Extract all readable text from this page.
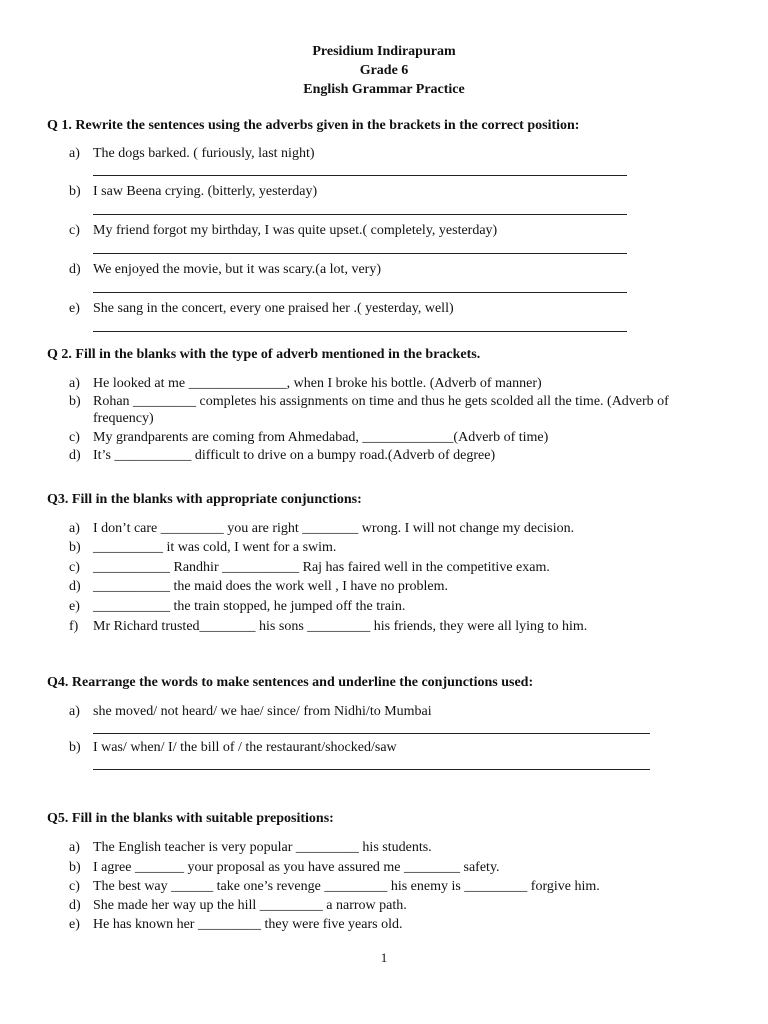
Presidium Indirapuram
Grade 6
English Grammar Practice
Q 1. Rewrite the sentences using the adverbs given in the brackets in the correct position:
a) The dogs barked. ( furiously, last night)
b) I saw Beena crying. (bitterly, yesterday)
c) My friend forgot my birthday, I was quite upset.( completely, yesterday)
d) We enjoyed the movie, but it was scary.(a lot, very)
e) She sang in the concert, every one praised her .( yesterday, well)
Q 2. Fill in the blanks with the type of adverb mentioned in the brackets.
a) He looked at me ______________, when I broke his bottle. (Adverb of manner)
b) Rohan _________ completes his assignments on time and thus he gets scolded all the time. (Adverb of frequency)
c) My grandparents are coming from Ahmedabad, _____________(Adverb of time)
d) It’s ___________ difficult to drive on a bumpy road.(Adverb of degree)
Q3. Fill in the blanks with appropriate conjunctions:
a) I don’t care _________ you are right ________ wrong. I will not change my decision.
b) __________ it was cold, I went for a swim.
c) ___________ Randhir ___________ Raj has faired well in the competitive exam.
d) ___________ the maid does the work well , I have no problem.
e) ___________ the train stopped, he jumped off the train.
f)	Mr Richard trusted________ his sons _________ his friends, they were all lying to him.
Q4. Rearrange the words to make sentences and underline the conjunctions used:
a) she moved/ not heard/ we hae/ since/ from Nidhi/to Mumbai
b) I was/ when/ I/ the bill of / the restaurant/shocked/saw
Q5. Fill in the blanks with suitable prepositions:
a) The English teacher is very popular _________ his students.
b) I agree _______ your proposal as you have assured me ________ safety.
c) The best way ______ take one’s revenge _________ his enemy is _________ forgive him.
d) She made her way up the hill _________ a narrow path.
e) He has known her _________ they were five years old.
1
